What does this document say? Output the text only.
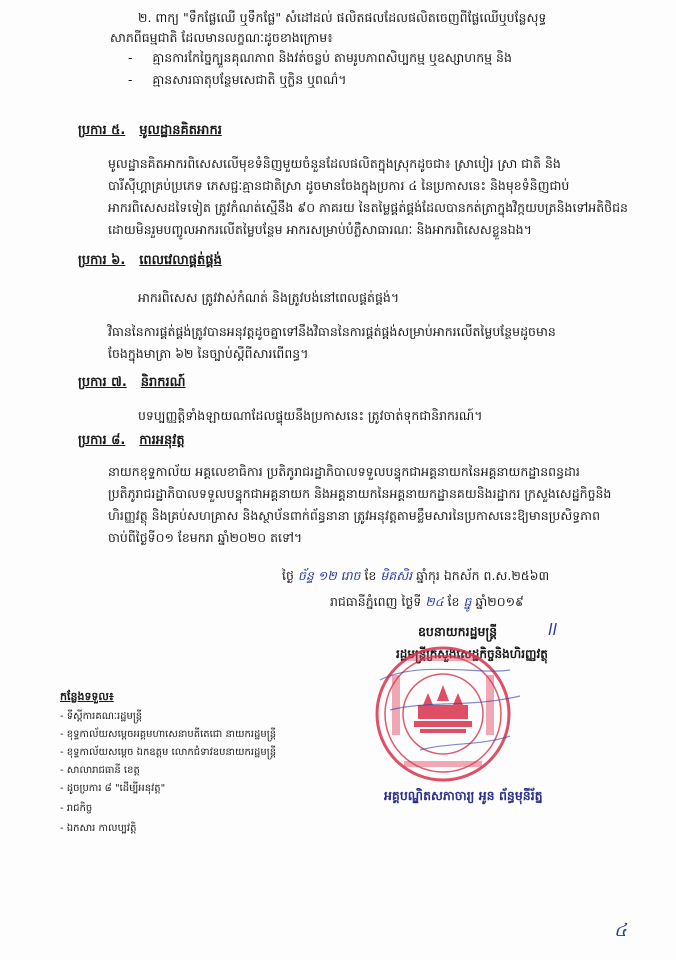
២. ពាក្យ "ទឹកផ្លែឈើ ឬទឹកផ្លែ" សំដៅដល់ ផលិតផលដែលផលិតចេញពីផ្លែឈើឬបន្លែសុទ្ធ
សាភពីធម្មជាតិ ដែលមានលក្ខណៈដូចខាងក្រោម៖
-     គ្មានការកែច្នៃក្បួនគុណភាព និងវត់ចន្លប់ តាមរូបភាពសិប្បកម្ម ឬឧស្សាហកម្ម និង
-     គ្មានសារធាតុបន្ថែមសេជាតិ ឬក្លិន ឬពណ៌។
ប្រការ ៥. មូលដ្ឋានគិតអាករ
មូលដ្ឋានគិតអាករពិសេសលើមុខទំនិញមួយចំនួនដែលផលិតក្នុងស្រុកដូចជា៖ ស្រាបៀរ ស្រា ជាតិ និង
បារីស៊ីហ្គាគ្រប់ប្រភេទ ភេសជ្ជៈគ្មានជាតិស្រា ដូចមានចែងក្នុងប្រការ ៤ នៃប្រកាសនេះ និងមុខទំនិញជាប់
អាករពិសេសដទៃទៀត ត្រូវកំណត់ស្មើនឹង ៩០ ភាគរយ នៃតម្លៃផ្គត់ផ្គង់ដែលបានកត់ត្រាក្នុងវិក្កយបត្រនិងទៅអតិថិជន
ដោយមិនរួមបញ្ចូលអាករលើតម្លៃបន្ថែម អាករសម្រាប់បំភ្លឺសាធារណៈ និងអាករពិសេសខ្លួនឯង។
ប្រការ ៦. ពេលវេលាផ្គត់ផ្គង់
អាករពិសេស ត្រូវវាស់កំណត់ និងត្រូវបង់នៅពេលផ្គត់ផ្គង់។
វិធាននៃការផ្គត់ផ្គង់ត្រូវបានអនុវត្តដូចគ្នាទៅនឹងវិធាននៃការផ្គត់ផ្គង់សម្រាប់អាករលើតម្លៃបន្ថែមដូចមាន
ចែងក្នុងមាត្រា ៦២ នៃច្បាប់ស្តីពីសារពើពន្ធ។
ប្រការ ៧. និរាករណ៍
បទប្បញ្ញត្តិទាំងឡាយណាដែលផ្ទុយនឹងប្រកាសនេះ ត្រូវចាត់ទុកជានិរាករណ៍។
ប្រការ ៨. ការអនុវត្ត
នាយកខុទ្ទកាល័យ អគ្គលេខាធិការ ប្រតិភូរាជរដ្ឋាភិបាលទទួលបន្ទុកជាអគ្គនាយកនៃអគ្គនាយកដ្ឋានពន្ធដារ
ប្រតិភូរាជរដ្ឋាភិបាលទទួលបន្ទុកជាអគ្គនាយក និងអគ្គនាយកនៃអគ្គនាយកដ្ឋានគយនិងរដ្ឋាករ ក្រសួងសេដ្ឋកិច្ចនិង
ហិរញ្ញវត្ថុ និងគ្រប់សហគ្រាស និងស្ថាប័នពាក់ព័ន្ធនានា ត្រូវអនុវត្តតាមខ្លឹមសារនៃប្រកាសនេះឱ្យមានប្រសិទ្ធភាព
ចាប់ពីថ្ងៃទី០១ ខែមករា ឆ្នាំ២០២០ តទៅ។
ថ្ងៃ ច័ន្ទ ១២ រោច ខែ មិគសិរ ឆ្នាំកុរ ឯកស័ក ព.ស.២៥៦៣
រាជធានីភ្នំពេញ ថ្ងៃទី ២៤ ខែ ធ្នូ ឆ្នាំ២០១៩
ឧបនាយករដ្ឋមន្ត្រី	ll
រដ្ឋមន្ត្រីក្រសួងសេដ្ឋកិច្ចនិងហិរញ្ញវត្ថុ
អគ្គបណ្ឌិតសភាចារ្យ អូន ព័ន្ធមុនីរ័ត្ន
កន្លែងទទួល៖
- ទីស្តីការគណៈរដ្ឋមន្ត្រី
- ខុទ្ទកាល័យសម្តេចអគ្គមហាសេនាបតីតេជោ នាយករដ្ឋមន្ត្រី
- ខុទ្ទកាល័យសម្តេច ឯកឧត្តម លោកជំទាវឧបនាយករដ្ឋមន្ត្រី
- សាលារាជធានី ខេត្ត
- ដូចប្រការ ៨ "ដើម្បីអនុវត្ត"
- រាជកិច្ច
- ឯកសារ កាលប្បវត្តិ
៤
